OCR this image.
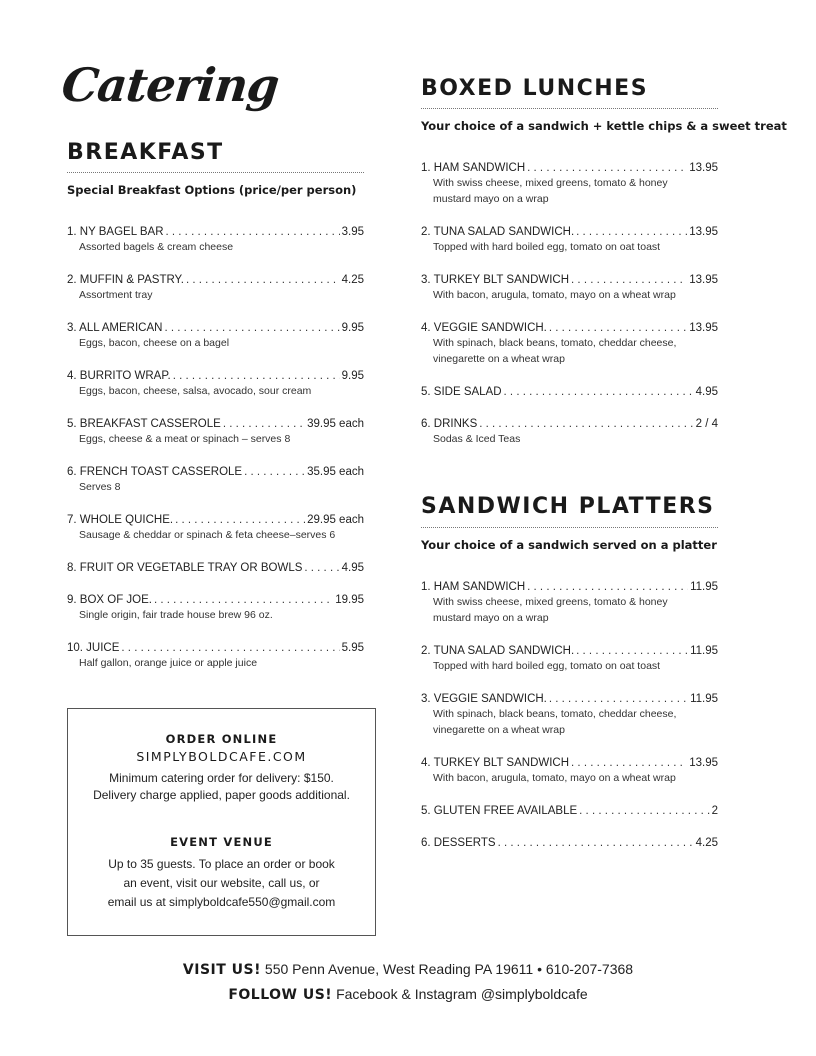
Catering
BREAKFAST
Special Breakfast Options (price/per person)
1. NY BAGEL BAR . . .	3.95
Assorted bagels & cream cheese
2. MUFFIN & PASTRY. . . .	4.25
Assortment tray
3. ALL AMERICAN . . .	9.95
Eggs, bacon, cheese on a bagel
4. BURRITO WRAP. . . .	9.95
Eggs, bacon, cheese, salsa, avocado, sour cream
5. BREAKFAST CASSEROLE . . .	39.95 each
Eggs, cheese & a meat or spinach – serves 8
6. FRENCH TOAST CASSEROLE . . .	35.95 each
Serves 8
7. WHOLE QUICHE. . . .	29.95 each
Sausage & cheddar or spinach & feta cheese–serves 6
8. FRUIT OR VEGETABLE TRAY OR BOWLS . . .	4.95
9. BOX OF JOE. . . .	19.95
Single origin, fair trade house brew 96 oz.
10. JUICE . . .	5.95
Half gallon, orange juice or apple juice
BOXED LUNCHES
Your choice of a sandwich + kettle chips & a sweet treat
1. HAM SANDWICH . . .	13.95
With swiss cheese, mixed greens, tomato & honey
mustard mayo on a wrap
2. TUNA SALAD SANDWICH. . . .	13.95
Topped with hard boiled egg, tomato on oat toast
3. TURKEY BLT SANDWICH . . .	13.95
With bacon, arugula, tomato, mayo on a wheat wrap
4. VEGGIE SANDWICH. . . .	13.95
With spinach, black beans, tomato, cheddar cheese,
vinegarette on a wheat wrap
5. SIDE SALAD . . .	4.95
6. DRINKS . . .	2 / 4
Sodas & Iced Teas
SANDWICH PLATTERS
Your choice of a sandwich served on a platter
1. HAM SANDWICH . . .	11.95
With swiss cheese, mixed greens, tomato & honey
mustard mayo on a wrap
2. TUNA SALAD SANDWICH. . . .	11.95
Topped with hard boiled egg, tomato on oat toast
3. VEGGIE SANDWICH. . . .	11.95
With spinach, black beans, tomato, cheddar cheese,
vinegarette on a wheat wrap
4. TURKEY BLT SANDWICH . . .	13.95
With bacon, arugula, tomato, mayo on a wheat wrap
5. GLUTEN FREE AVAILABLE . . .	2
6. DESSERTS . . .	4.25
ORDER ONLINE
SIMPLYBOLDCAFE.COM
Minimum catering order for delivery: $150.
Delivery charge applied, paper goods additional.
EVENT VENUE
Up to 35 guests. To place an order or book
an event, visit our website, call us, or
email us at simplyboldcafe550@gmail.com
VISIT US! 550 Penn Avenue, West Reading PA 19611 • 610-207-7368
FOLLOW US! Facebook & Instagram @simplyboldcafe
